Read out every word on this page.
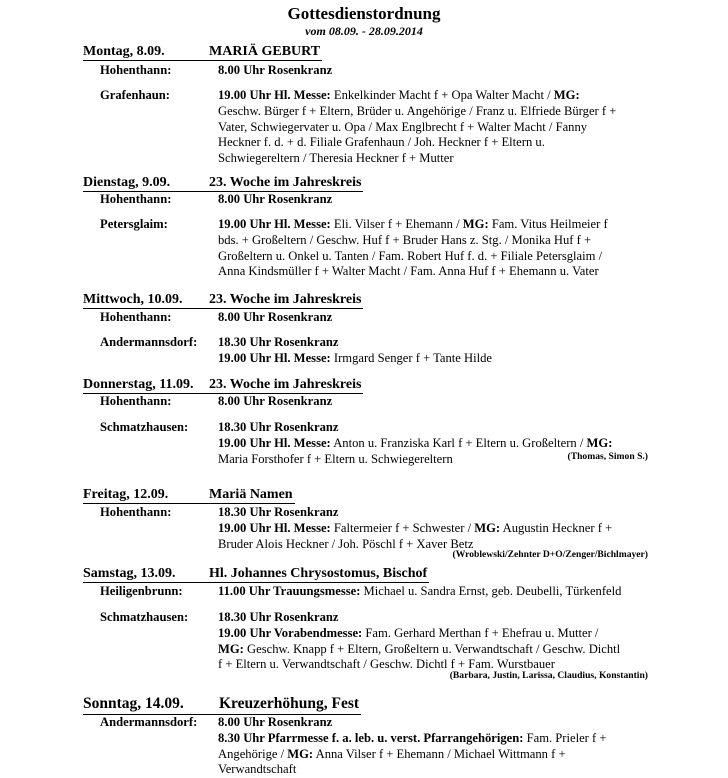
Gottesdienstordnung
vom 08.09. - 28.09.2014
Montag, 8.09.	MARIÄ GEBURT
Hohenthann:	8.00 Uhr Rosenkranz
Grafenhaun:	19.00 Uhr Hl. Messe: Enkelkinder Macht f + Opa Walter Macht / MG:
Geschw. Bürger f + Eltern, Brüder u. Angehörige / Franz u. Elfriede Bürger f +
Vater, Schwiegervater u. Opa / Max Englbrecht f + Walter Macht / Fanny
Heckner f. d. + d. Filiale Grafenhaun / Joh. Heckner f + Eltern u.
Schwiegereltern / Theresia Heckner f + Mutter
Dienstag, 9.09.	23. Woche im Jahreskreis
Hohenthann:	8.00 Uhr Rosenkranz
Petersglaim:	19.00 Uhr Hl. Messe: Eli. Vilser f + Ehemann / MG: Fam. Vitus Heilmeier f
bds. + Großeltern / Geschw. Huf f + Bruder Hans z. Stg. / Monika Huf f +
Großeltern u. Onkel u. Tanten / Fam. Robert Huf f. d. + Filiale Petersglaim /
Anna Kindsmüller f + Walter Macht / Fam. Anna Huf f + Ehemann u. Vater
Mittwoch, 10.09. 23. Woche im Jahreskreis
Hohenthann:	8.00 Uhr Rosenkranz
Andermannsdorf: 18.30 Uhr Rosenkranz
19.00 Uhr Hl. Messe: Irmgard Senger f + Tante Hilde
Donnerstag, 11.09. 23. Woche im Jahreskreis
Hohenthann:	8.00 Uhr Rosenkranz
Schmatzhausen: 18.30 Uhr Rosenkranz
19.00 Uhr Hl. Messe: Anton u. Franziska Karl f + Eltern u. Großeltern / MG:
Maria Forsthofer f + Eltern u. Schwiegereltern	(Thomas, Simon S.)
Freitag, 12.09.	Mariä Namen
Hohenthann:	18.30 Uhr Rosenkranz
19.00 Uhr Hl. Messe: Faltermeier f + Schwester / MG: Augustin Heckner f +
Bruder Alois Heckner / Joh. Pöschl f + Xaver Betz
(Wroblewski/Zehnter D+O/Zenger/Bichlmayer)
Samstag, 13.09. Hl. Johannes Chrysostomus, Bischof
Heiligenbrunn:	11.00 Uhr Trauungsmesse: Michael u. Sandra Ernst, geb. Deubelli, Türkenfeld
Schmatzhausen: 18.30 Uhr Rosenkranz
19.00 Uhr Vorabendmesse: Fam. Gerhard Merthan f + Ehefrau u. Mutter /
MG: Geschw. Knapp f + Eltern, Großeltern u. Verwandtschaft / Geschw. Dichtl
f + Eltern u. Verwandtschaft / Geschw. Dichtl f + Fam. Wurstbauer
(Barbara, Justin, Larissa, Claudius, Konstantin)
Sonntag, 14.09. Kreuzerhöhung, Fest
Andermannsdorf: 8.00 Uhr Rosenkranz
8.30 Uhr Pfarrmesse f. a. leb. u. verst. Pfarrangehörigen: Fam. Prieler f +
Angehörige / MG: Anna Vilser f + Ehemann / Michael Wittmann f +
Verwandtschaft
